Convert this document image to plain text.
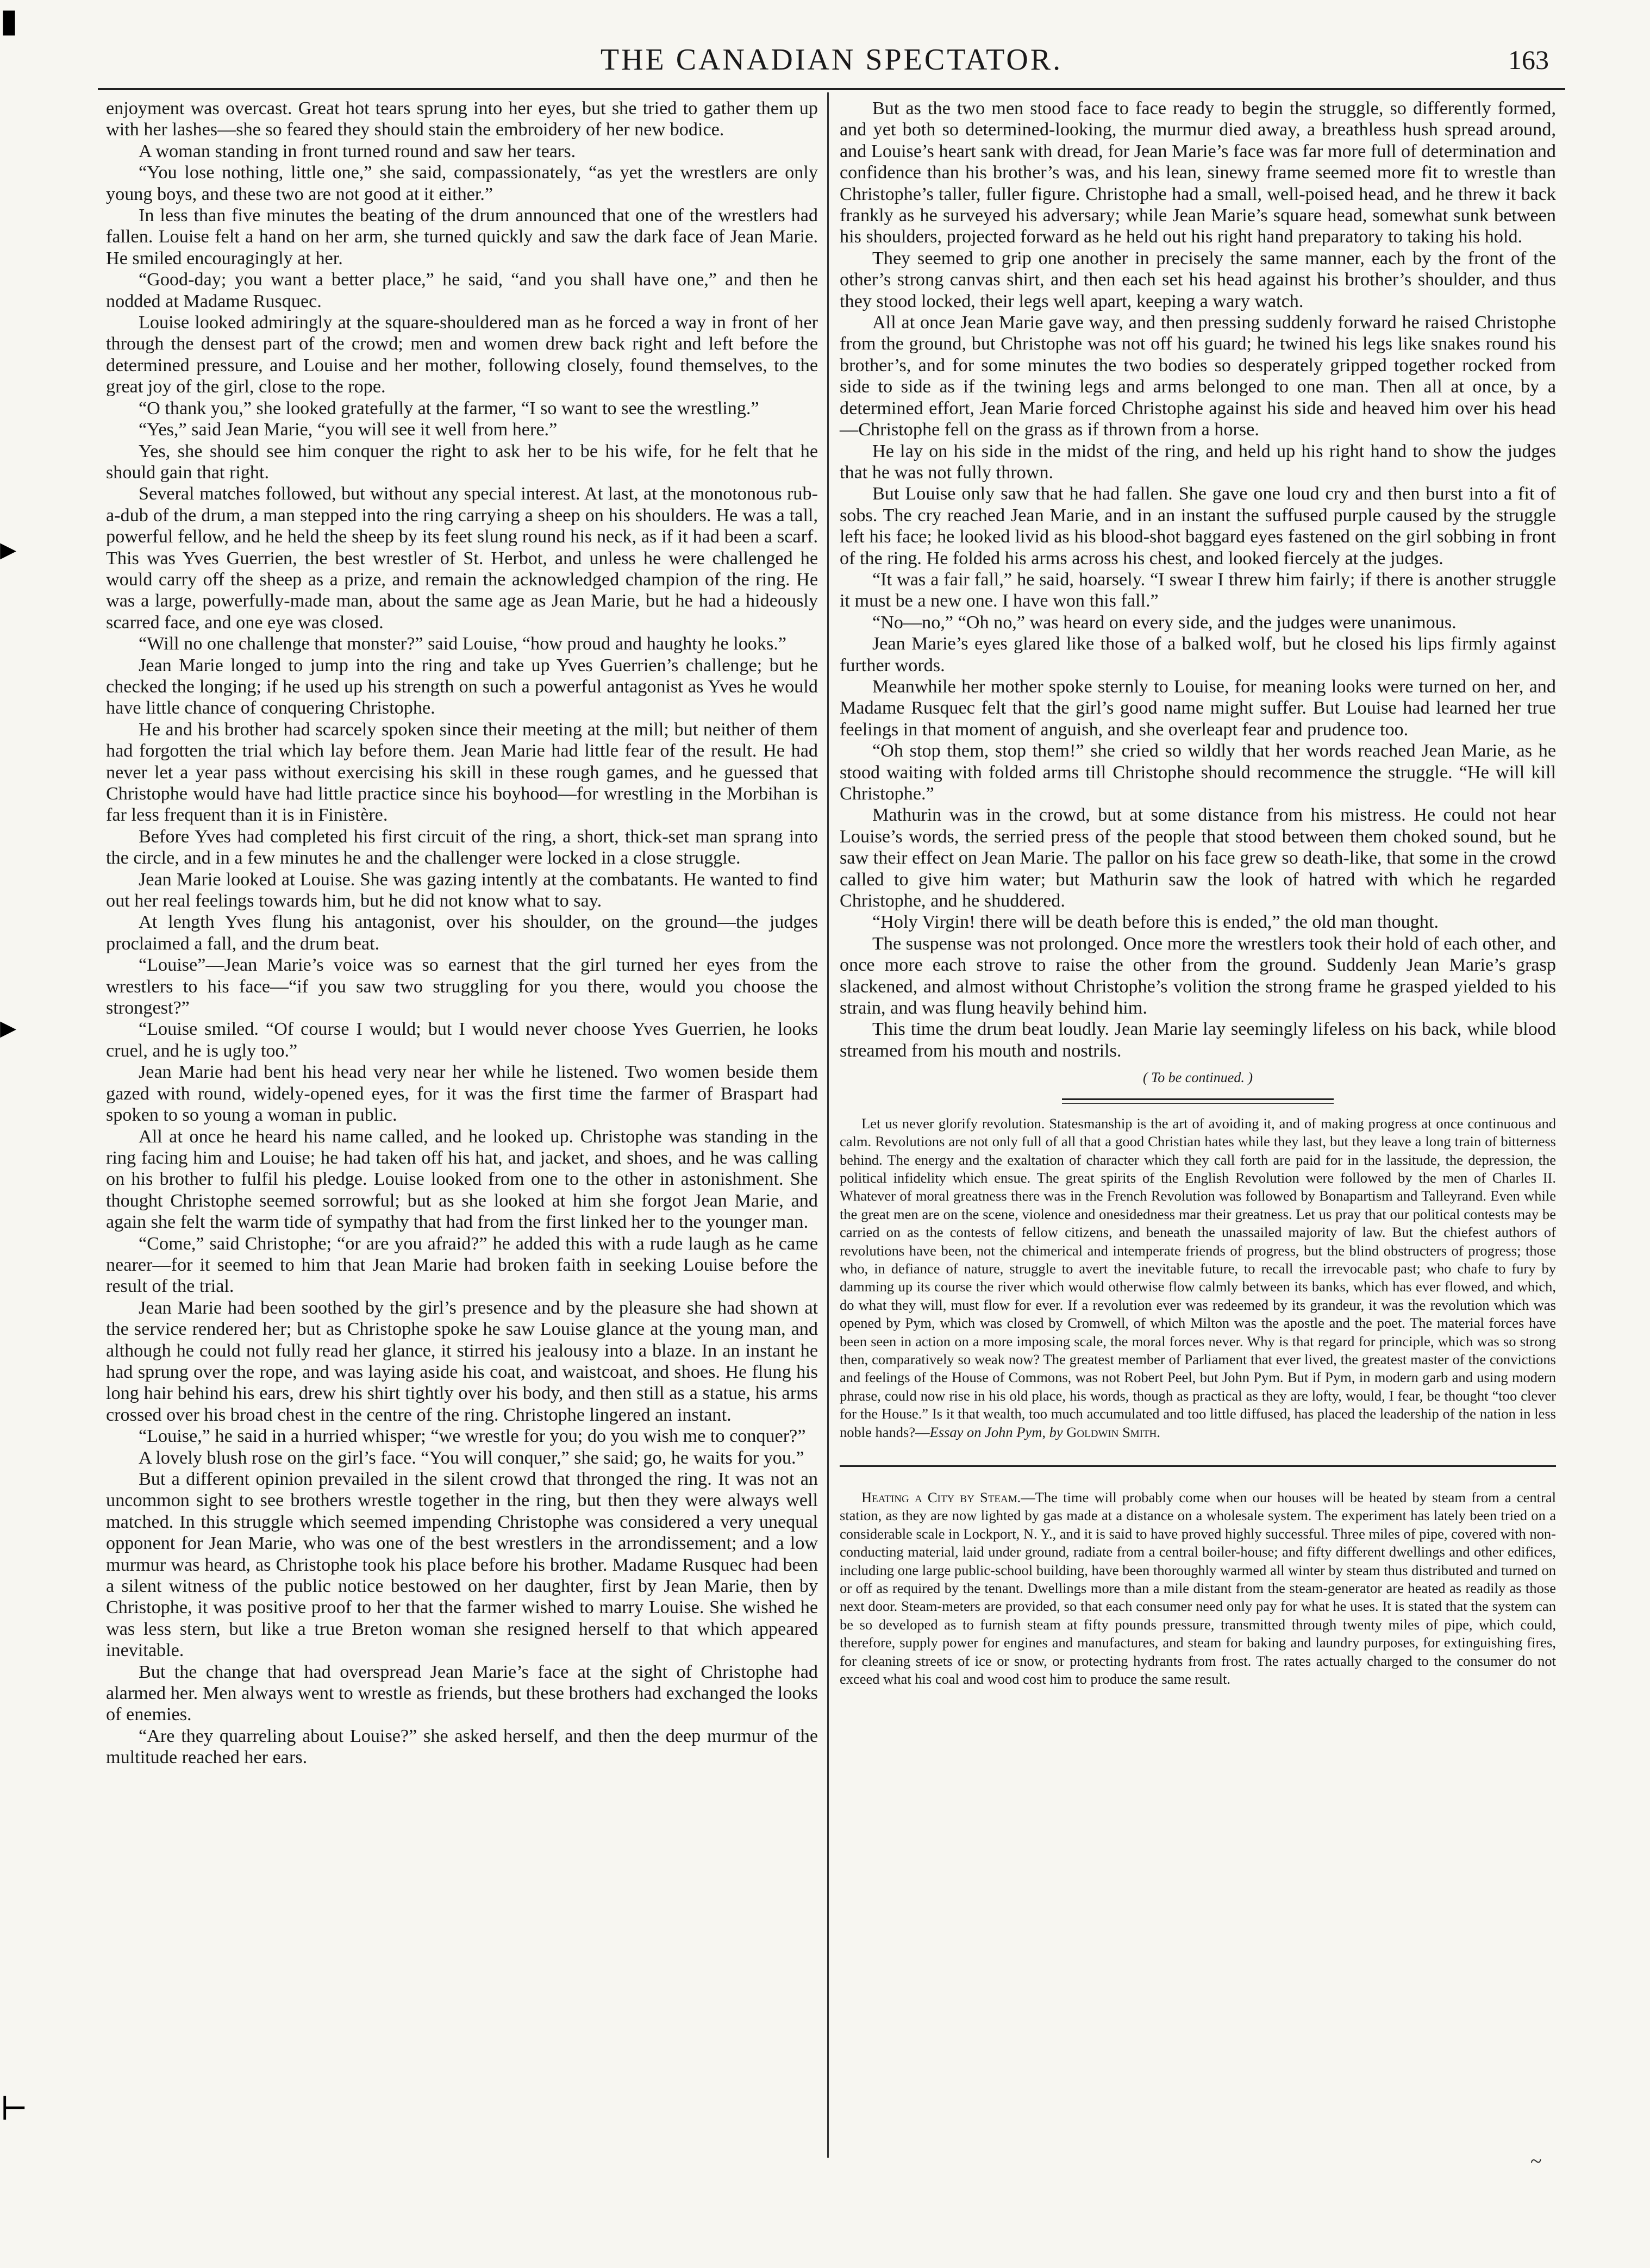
THE CANADIAN SPECTATOR.	163
▮
▸
▸
⊢

enjoyment was overcast. Great hot tears sprung into her eyes, but she tried to gather them up with her lashes—she so feared they should stain the embroidery of her new bodice.

A woman standing in front turned round and saw her tears.

“You lose nothing, little one,” she said, compassionately, “as yet the wrestlers are only young boys, and these two are not good at it either.”

In less than five minutes the beating of the drum announced that one of the wrestlers had fallen. Louise felt a hand on her arm, she turned quickly and saw the dark face of Jean Marie. He smiled encouragingly at her.

“Good-day; you want a better place,” he said, “and you shall have one,” and then he nodded at Madame Rusquec.

Louise looked admiringly at the square-shouldered man as he forced a way in front of her through the densest part of the crowd; men and women drew back right and left before the determined pressure, and Louise and her mother, following closely, found themselves, to the great joy of the girl, close to the rope.

“O thank you,” she looked gratefully at the farmer, “I so want to see the wrestling.”

“Yes,” said Jean Marie, “you will see it well from here.”

Yes, she should see him conquer the right to ask her to be his wife, for he felt that he should gain that right.

Several matches followed, but without any special interest. At last, at the monotonous rub-a-dub of the drum, a man stepped into the ring carrying a sheep on his shoulders. He was a tall, powerful fellow, and he held the sheep by its feet slung round his neck, as if it had been a scarf. This was Yves Guerrien, the best wrestler of St. Herbot, and unless he were challenged he would carry off the sheep as a prize, and remain the acknowledged champion of the ring. He was a large, powerfully-made man, about the same age as Jean Marie, but he had a hideously scarred face, and one eye was closed.

“Will no one challenge that monster?” said Louise, “how proud and haughty he looks.”

Jean Marie longed to jump into the ring and take up Yves Guerrien’s challenge; but he checked the longing; if he used up his strength on such a powerful antagonist as Yves he would have little chance of conquering Christophe.

He and his brother had scarcely spoken since their meeting at the mill; but neither of them had forgotten the trial which lay before them. Jean Marie had little fear of the result. He had never let a year pass without exercising his skill in these rough games, and he guessed that Christophe would have had little practice since his boyhood—for wrestling in the Morbihan is far less frequent than it is in Finistère.

Before Yves had completed his first circuit of the ring, a short, thick-set man sprang into the circle, and in a few minutes he and the challenger were locked in a close struggle.

Jean Marie looked at Louise. She was gazing intently at the combatants. He wanted to find out her real feelings towards him, but he did not know what to say.

At length Yves flung his antagonist, over his shoulder, on the ground—the judges proclaimed a fall, and the drum beat.

“Louise”—Jean Marie’s voice was so earnest that the girl turned her eyes from the wrestlers to his face—“if you saw two struggling for you there, would you choose the strongest?”

“Louise smiled. “Of course I would; but I would never choose Yves Guerrien, he looks cruel, and he is ugly too.”

Jean Marie had bent his head very near her while he listened. Two women beside them gazed with round, widely-opened eyes, for it was the first time the farmer of Braspart had spoken to so young a woman in public.

All at once he heard his name called, and he looked up. Christophe was standing in the ring facing him and Louise; he had taken off his hat, and jacket, and shoes, and he was calling on his brother to fulfil his pledge. Louise looked from one to the other in astonishment. She thought Christophe seemed sorrowful; but as she looked at him she forgot Jean Marie, and again she felt the warm tide of sympathy that had from the first linked her to the younger man.

“Come,” said Christophe; “or are you afraid?” he added this with a rude laugh as he came nearer—for it seemed to him that Jean Marie had broken faith in seeking Louise before the result of the trial.

Jean Marie had been soothed by the girl’s presence and by the pleasure she had shown at the service rendered her; but as Christophe spoke he saw Louise glance at the young man, and although he could not fully read her glance, it stirred his jealousy into a blaze. In an instant he had sprung over the rope, and was laying aside his coat, and waistcoat, and shoes. He flung his long hair behind his ears, drew his shirt tightly over his body, and then still as a statue, his arms crossed over his broad chest in the centre of the ring. Christophe lingered an instant.

“Louise,” he said in a hurried whisper; “we wrestle for you; do you wish me to conquer?”

A lovely blush rose on the girl’s face. “You will conquer,” she said; go, he waits for you.”

But a different opinion prevailed in the silent crowd that thronged the ring. It was not an uncommon sight to see brothers wrestle together in the ring, but then they were always well matched. In this struggle which seemed impending Christophe was considered a very unequal opponent for Jean Marie, who was one of the best wrestlers in the arrondissement; and a low murmur was heard, as Christophe took his place before his brother. Madame Rusquec had been a silent witness of the public notice bestowed on her daughter, first by Jean Marie, then by Christophe, it was positive proof to her that the farmer wished to marry Louise. She wished he was less stern, but like a true Breton woman she resigned herself to that which appeared inevitable.

But the change that had overspread Jean Marie’s face at the sight of Christophe had alarmed her. Men always went to wrestle as friends, but these brothers had exchanged the looks of enemies.

“Are they quarreling about Louise?” she asked herself, and then the deep murmur of the multitude reached her ears.

But as the two men stood face to face ready to begin the struggle, so differently formed, and yet both so determined-looking, the murmur died away, a breathless hush spread around, and Louise’s heart sank with dread, for Jean Marie’s face was far more full of determination and confidence than his brother’s was, and his lean, sinewy frame seemed more fit to wrestle than Christophe’s taller, fuller figure. Christophe had a small, well-poised head, and he threw it back frankly as he surveyed his adversary; while Jean Marie’s square head, somewhat sunk between his shoulders, projected forward as he held out his right hand preparatory to taking his hold.

They seemed to grip one another in precisely the same manner, each by the front of the other’s strong canvas shirt, and then each set his head against his brother’s shoulder, and thus they stood locked, their legs well apart, keeping a wary watch.

All at once Jean Marie gave way, and then pressing suddenly forward he raised Christophe from the ground, but Christophe was not off his guard; he twined his legs like snakes round his brother’s, and for some minutes the two bodies so desperately gripped together rocked from side to side as if the twining legs and arms belonged to one man. Then all at once, by a determined effort, Jean Marie forced Christophe against his side and heaved him over his head—Christophe fell on the grass as if thrown from a horse.

He lay on his side in the midst of the ring, and held up his right hand to show the judges that he was not fully thrown.

But Louise only saw that he had fallen. She gave one loud cry and then burst into a fit of sobs. The cry reached Jean Marie, and in an instant the suffused purple caused by the struggle left his face; he looked livid as his blood-shot baggard eyes fastened on the girl sobbing in front of the ring. He folded his arms across his chest, and looked fiercely at the judges.

“It was a fair fall,” he said, hoarsely. “I swear I threw him fairly; if there is another struggle it must be a new one. I have won this fall.”

“No—no,” “Oh no,” was heard on every side, and the judges were unanimous.

Jean Marie’s eyes glared like those of a balked wolf, but he closed his lips firmly against further words.

Meanwhile her mother spoke sternly to Louise, for meaning looks were turned on her, and Madame Rusquec felt that the girl’s good name might suffer. But Louise had learned her true feelings in that moment of anguish, and she overleapt fear and prudence too.

“Oh stop them, stop them!” she cried so wildly that her words reached Jean Marie, as he stood waiting with folded arms till Christophe should recommence the struggle. “He will kill Christophe.”

Mathurin was in the crowd, but at some distance from his mistress. He could not hear Louise’s words, the serried press of the people that stood between them choked sound, but he saw their effect on Jean Marie. The pallor on his face grew so death-like, that some in the crowd called to give him water; but Mathurin saw the look of hatred with which he regarded Christophe, and he shuddered.

“Holy Virgin! there will be death before this is ended,” the old man thought.

The suspense was not prolonged. Once more the wrestlers took their hold of each other, and once more each strove to raise the other from the ground. Suddenly Jean Marie’s grasp slackened, and almost without Christophe’s volition the strong frame he grasped yielded to his strain, and was flung heavily behind him.

This time the drum beat loudly. Jean Marie lay seemingly lifeless on his back, while blood streamed from his mouth and nostrils.

( To be continued. )

Let us never glorify revolution. Statesmanship is the art of avoiding it, and of making progress at once continuous and calm. Revolutions are not only full of all that a good Christian hates while they last, but they leave a long train of bitterness behind. The energy and the exaltation of character which they call forth are paid for in the lassitude, the depression, the political infidelity which ensue. The great spirits of the English Revolution were followed by the men of Charles II. Whatever of moral greatness there was in the French Revolution was followed by Bonapartism and Talleyrand. Even while the great men are on the scene, violence and onesidedness mar their greatness. Let us pray that our political contests may be carried on as the contests of fellow citizens, and beneath the unassailed majority of law. But the chiefest authors of revolutions have been, not the chimerical and intemperate friends of progress, but the blind obstructers of progress; those who, in defiance of nature, struggle to avert the inevitable future, to recall the irrevocable past; who chafe to fury by damming up its course the river which would otherwise flow calmly between its banks, which has ever flowed, and which, do what they will, must flow for ever. If a revolution ever was redeemed by its grandeur, it was the revolution which was opened by Pym, which was closed by Cromwell, of which Milton was the apostle and the poet. The material forces have been seen in action on a more imposing scale, the moral forces never. Why is that regard for principle, which was so strong then, comparatively so weak now? The greatest member of Parliament that ever lived, the greatest master of the convictions and feelings of the House of Commons, was not Robert Peel, but John Pym. But if Pym, in modern garb and using modern phrase, could now rise in his old place, his words, though as practical as they are lofty, would, I fear, be thought “too clever for the House.” Is it that wealth, too much accumulated and too little diffused, has placed the leadership of the nation in less noble hands?—Essay on John Pym, by Goldwin Smith.

Heating a City by Steam.—The time will probably come when our houses will be heated by steam from a central station, as they are now lighted by gas made at a distance on a wholesale system. The experiment has lately been tried on a considerable scale in Lockport, N. Y., and it is said to have proved highly successful. Three miles of pipe, covered with non-conducting material, laid under ground, radiate from a central boiler-house; and fifty different dwellings and other edifices, including one large public-school building, have been thoroughly warmed all winter by steam thus distributed and turned on or off as required by the tenant. Dwellings more than a mile distant from the steam-generator are heated as readily as those next door. Steam-meters are provided, so that each consumer need only pay for what he uses. It is stated that the system can be so developed as to furnish steam at fifty pounds pressure, transmitted through twenty miles of pipe, which could, therefore, supply power for engines and manufactures, and steam for baking and laundry purposes, for extinguishing fires, for cleaning streets of ice or snow, or protecting hydrants from frost. The rates actually charged to the consumer do not exceed what his coal and wood cost him to produce the same result.

~
